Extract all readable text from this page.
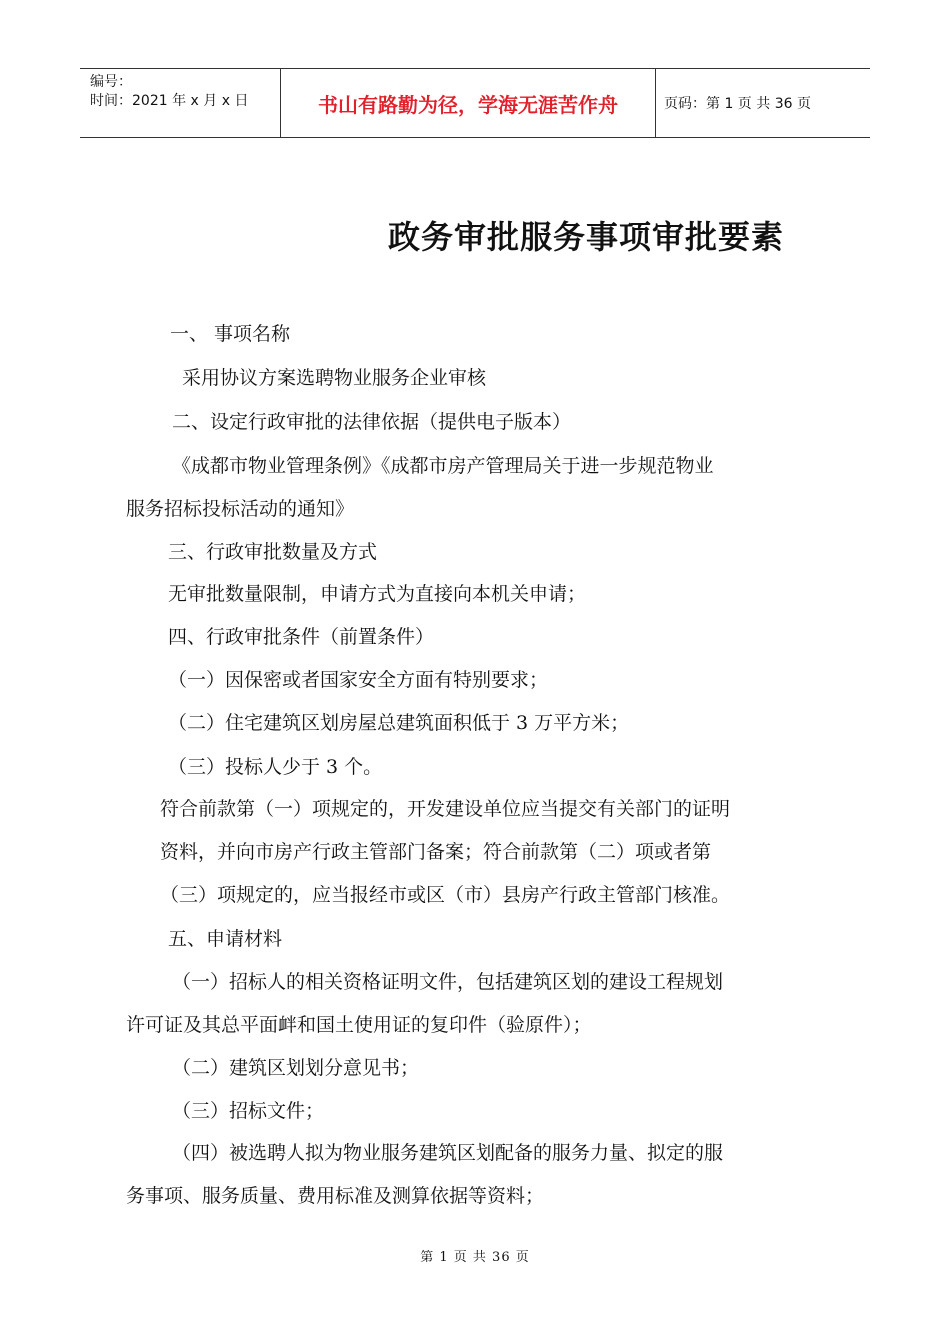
编号：
时间：2021 年 x 月 x 日	书山有路勤为径，学海无涯苦作舟	页码：第 1 页 共 36 页
政务审批服务事项审批要素
一、 事项名称
采用协议方案选聘物业服务企业审核
二、设定行政审批的法律依据（提供电子版本）
《成都市物业管理条例》《成都市房产管理局关于进一步规范物业
服务招标投标活动的通知》
三、行政审批数量及方式
无审批数量限制，申请方式为直接向本机关申请；
四、行政审批条件（前置条件）
（一）因保密或者国家安全方面有特别要求；
（二）住宅建筑区划房屋总建筑面积低于 3 万平方米；
（三）投标人少于 3 个。
符合前款第（一）项规定的，开发建设单位应当提交有关部门的证明
资料，并向市房产行政主管部门备案；符合前款第（二）项或者第
（三）项规定的，应当报经市或区（市）县房产行政主管部门核准。
五、申请材料
（一）招标人的相关资格证明文件，包括建筑区划的建设工程规划
许可证及其总平面衅和国土使用证的复印件（验原件）；
（二）建筑区划划分意见书；
（三）招标文件；
（四）被选聘人拟为物业服务建筑区划配备的服务力量、拟定的服
务事项、服务质量、费用标准及测算依据等资料；
第 1 页 共 36 页
